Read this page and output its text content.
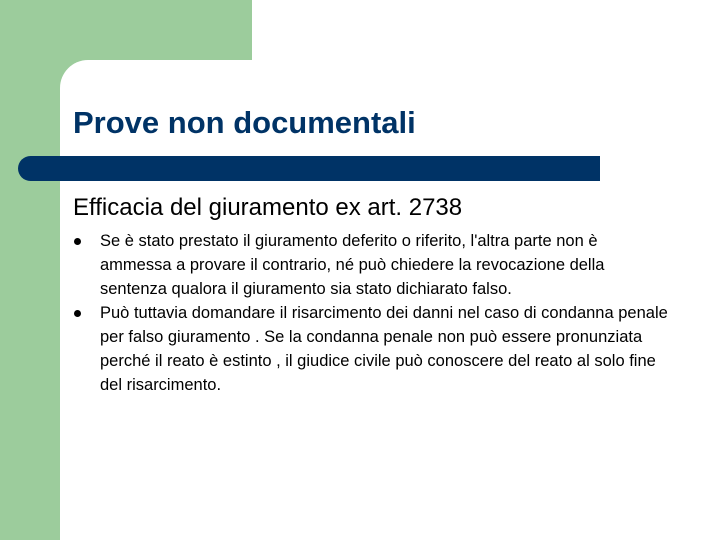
Prove non documentali
Efficacia del giuramento ex art. 2738
Se è stato prestato il giuramento deferito o riferito, l'altra parte non è ammessa a provare il contrario, né può chiedere la revocazione della sentenza qualora il giuramento sia stato dichiarato falso.
Può tuttavia domandare il risarcimento dei danni nel caso di condanna penale per falso giuramento . Se la condanna penale non può essere pronunziata perché il reato è estinto , il giudice civile può conoscere del reato al solo fine del risarcimento.
